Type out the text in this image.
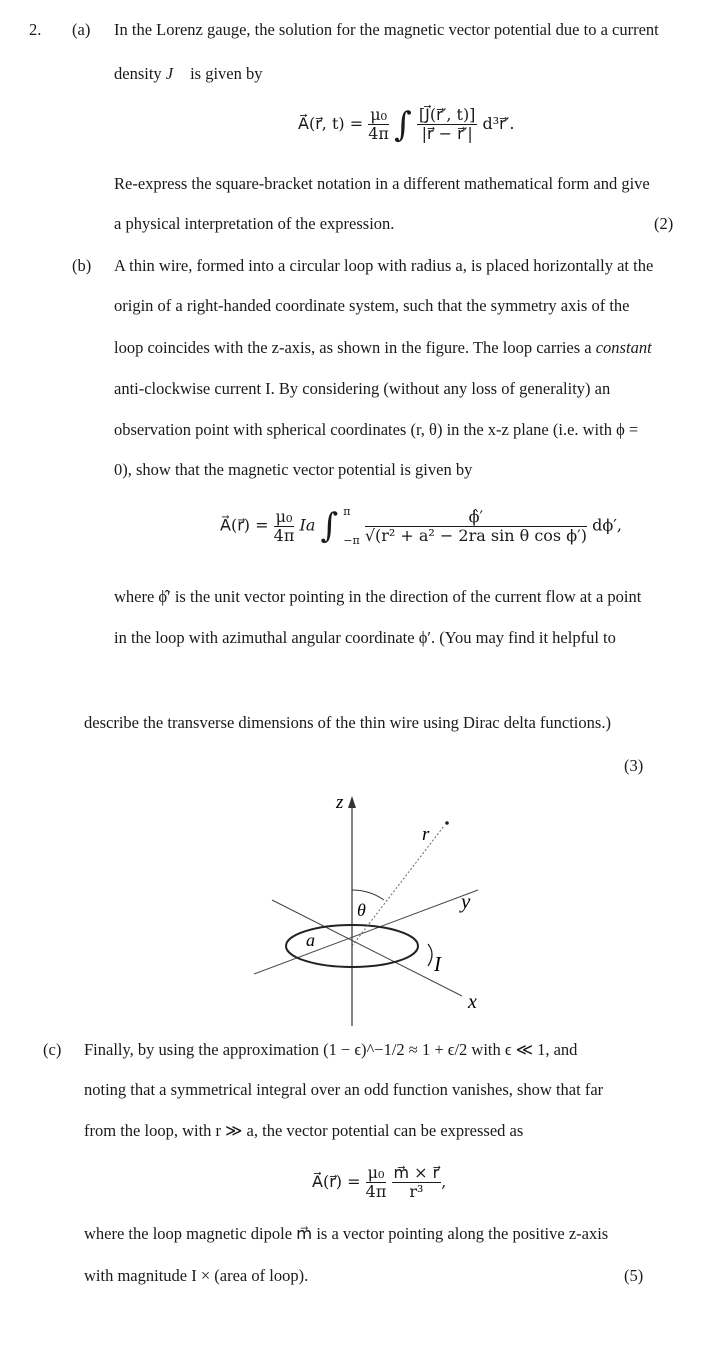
2. (a) In the Lorenz gauge, the solution for the magnetic vector potential due to a current
density J⃗ is given by
A⃗(r⃗, $t) = \frac{\text{μ₀}}{4\pi}$ ∫ $\frac{[J⃗(r⃗', t)]}{|r⃗ - r⃗'|}$ d³r⃗′.
Re-express the square-bracket notation in a different mathematical form and give
a physical interpretation of the expression.	(2)
(b) A thin wire, formed into a circular loop with radius a, is placed horizontally at the
origin of a right-handed coordinate system, such that the symmetry axis of the
loop coincides with the z-axis, as shown in the figure. The loop carries a constant
anti-clockwise current I. By considering (without any loss of generality) an
observation point with spherical coordinates (r, θ) in the x-z plane (i.e. with ϕ =
0), show that the magnetic vector potential is given by
A⃗(r⃗) = $\frac{\text{μ₀}}{4\pi}$ Ia ∫ π
−π
$\frac{\phî'}{\text{√(r² + a² − 2ra sin θ cos ϕ′)}} d\phi'$,
where ϕ̂′ is the unit vector pointing in the direction of the current flow at a point
in the loop with azimuthal angular coordinate ϕ′. (You may find it helpful to
describe the transverse dimensions of the thin wire using Dirac delta functions.)
(3)
z
y
x
r
θ
a
I
(c) Finally, by using the approximation (1 − ϵ)^−1/2 ≈ 1 + ϵ/2 with ϵ ≪ 1, and
noting that a symmetrical integral over an odd function vanishes, show that far
from the loop, with r ≫ a, the vector potential can be expressed as
A⃗(r⃗) = $\frac{\text{μ₀}}{4\pi}$
$\frac{m⃗ \times r⃗}{\text{r³}}$ ,
where the loop magnetic dipole m⃗ is a vector pointing along the positive z-axis
with magnitude I × (area of loop).	(5)
